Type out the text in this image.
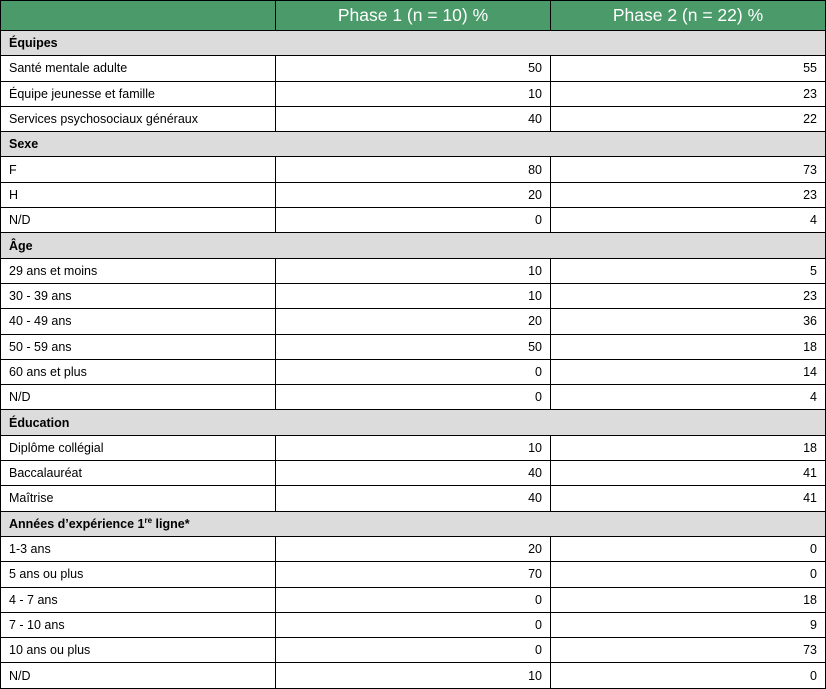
	Phase 1 (n = 10) %	Phase 2 (n = 22) %
Équipes		
Santé mentale adulte	50	55
Équipe jeunesse et famille	10	23
Services psychosociaux généraux	40	22
Sexe		
F	80	73
H	20	23
N/D	0	4
Âge		
29 ans et moins	10	5
30 - 39 ans	10	23
40 - 49 ans	20	36
50 - 59 ans	50	18
60 ans et plus	0	14
N/D	0	4
Éducation		
Diplôme collégial	10	18
Baccalauréat	40	41
Maîtrise	40	41
Années d’expérience 1re ligne*		
1-3 ans	20	0
5 ans ou plus	70	0
4 - 7 ans	0	18
7 - 10 ans	0	9
10 ans ou plus	0	73
N/D	10	0
